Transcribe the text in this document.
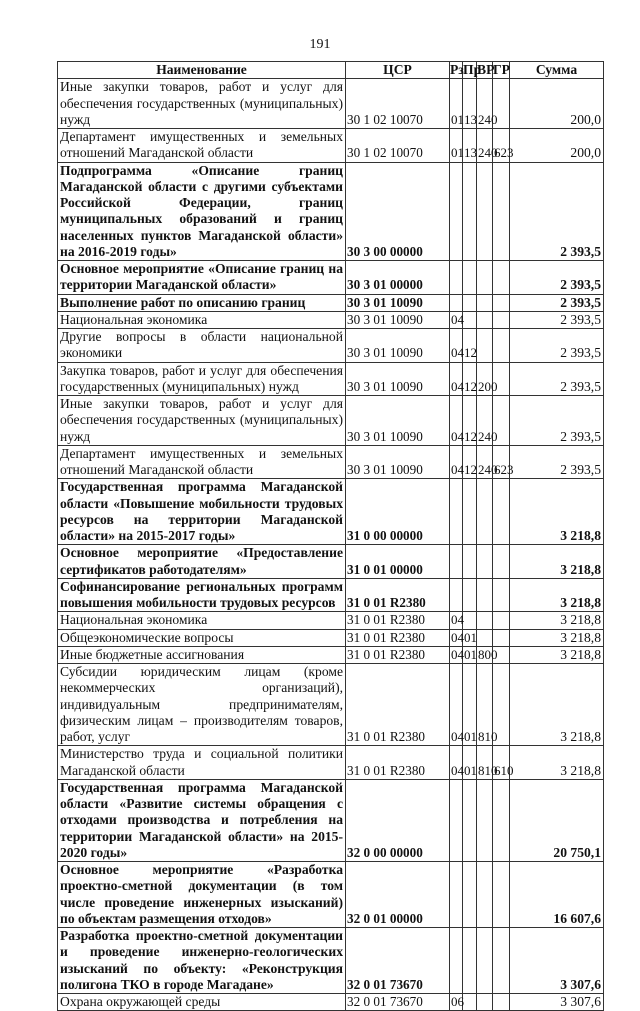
191
Наименование	ЦСР	Рз	Пр	ВР	ГР	Сумма
Иные закупки товаров, работ и услуг для обеспечения государственных (муниципальных) нужд	30 1 02 10070	01	13	240		200,0
Департамент имущественных и земельных отношений Магаданской области	30 1 02 10070	01	13	240	623	200,0
Подпрограмма «Описание границ Магаданской области с другими субъектами Российской Федерации, границ муниципальных образований и границ населенных пунктов Магаданской области» на 2016-2019 годы»	30 3 00 00000					2 393,5
Основное мероприятие «Описание границ на территории Магаданской области»	30 3 01 00000					2 393,5
Выполнение работ по описанию границ	30 3 01 10090					2 393,5
Национальная экономика	30 3 01 10090	04				2 393,5
Другие вопросы в области национальной экономики	30 3 01 10090	04	12			2 393,5
Закупка товаров, работ и услуг для обеспечения государственных (муниципальных) нужд	30 3 01 10090	04	12	200		2 393,5
Иные закупки товаров, работ и услуг для обеспечения государственных (муниципальных) нужд	30 3 01 10090	04	12	240		2 393,5
Департамент имущественных и земельных отношений Магаданской области	30 3 01 10090	04	12	240	623	2 393,5
Государственная программа Магаданской области «Повышение мобильности трудовых ресурсов на территории Магаданской области» на 2015-2017 годы»	31 0 00 00000					3 218,8
Основное мероприятие «Предоставление сертификатов работодателям»	31 0 01 00000					3 218,8
Софинансирование региональных программ повышения мобильности трудовых ресурсов	31 0 01 R2380					3 218,8
Национальная экономика	31 0 01 R2380	04				3 218,8
Общеэкономические вопросы	31 0 01 R2380	04	01			3 218,8
Иные бюджетные ассигнования	31 0 01 R2380	04	01	800		3 218,8
Субсидии юридическим лицам (кроме некоммерческих организаций), индивидуальным предпринимателям, физическим лицам – производителям товаров, работ, услуг	31 0 01 R2380	04	01	810		3 218,8
Министерство труда и социальной политики Магаданской области	31 0 01 R2380	04	01	810	610	3 218,8
Государственная программа Магаданской области «Развитие системы обращения с отходами производства и потребления на территории Магаданской области» на 2015-2020 годы»	32 0 00 00000					20 750,1
Основное мероприятие «Разработка проектно-сметной документации (в том числе проведение инженерных изысканий) по объектам размещения отходов»	32 0 01 00000					16 607,6
Разработка проектно-сметной документации и проведение инженерно-геологических изысканий по объекту: «Реконструкция полигона ТКО в городе Магадане»	32 0 01 73670					3 307,6
Охрана окружающей среды	32 0 01 73670	06				3 307,6
